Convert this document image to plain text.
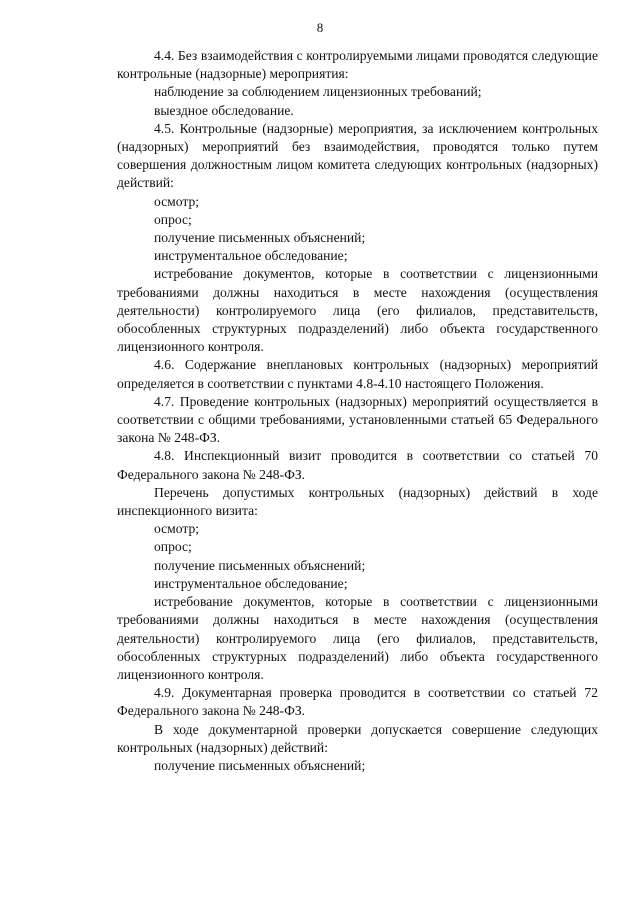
8

4.4. Без взаимодействия с контролируемыми лицами проводятся следующие контрольные (надзорные) мероприятия:

наблюдение за соблюдением лицензионных требований;

выездное обследование.

4.5. Контрольные (надзорные) мероприятия, за исключением контрольных (надзорных) мероприятий без взаимодействия, проводятся только путем совершения должностным лицом комитета следующих контрольных (надзорных) действий:

осмотр;

опрос;

получение письменных объяснений;

инструментальное обследование;

истребование документов, которые в соответствии с лицензионными требованиями должны находиться в месте нахождения (осуществления деятельности) контролируемого лица (его филиалов, представительств, обособленных структурных подразделений) либо объекта государственного лицензионного контроля.

4.6. Содержание внеплановых контрольных (надзорных) мероприятий определяется в соответствии с пунктами 4.8-4.10 настоящего Положения.

4.7. Проведение контрольных (надзорных) мероприятий осуществляется в соответствии с общими требованиями, установленными статьей 65 Федерального закона № 248-ФЗ.

4.8. Инспекционный визит проводится в соответствии со статьей 70 Федерального закона № 248-ФЗ.

Перечень допустимых контрольных (надзорных) действий в ходе инспекционного визита:

осмотр;

опрос;

получение письменных объяснений;

инструментальное обследование;

истребование документов, которые в соответствии с лицензионными требованиями должны находиться в месте нахождения (осуществления деятельности) контролируемого лица (его филиалов, представительств, обособленных структурных подразделений) либо объекта государственного лицензионного контроля.

4.9. Документарная проверка проводится в соответствии со статьей 72 Федерального закона № 248-ФЗ.

В ходе документарной проверки допускается совершение следующих контрольных (надзорных) действий:

получение письменных объяснений;
